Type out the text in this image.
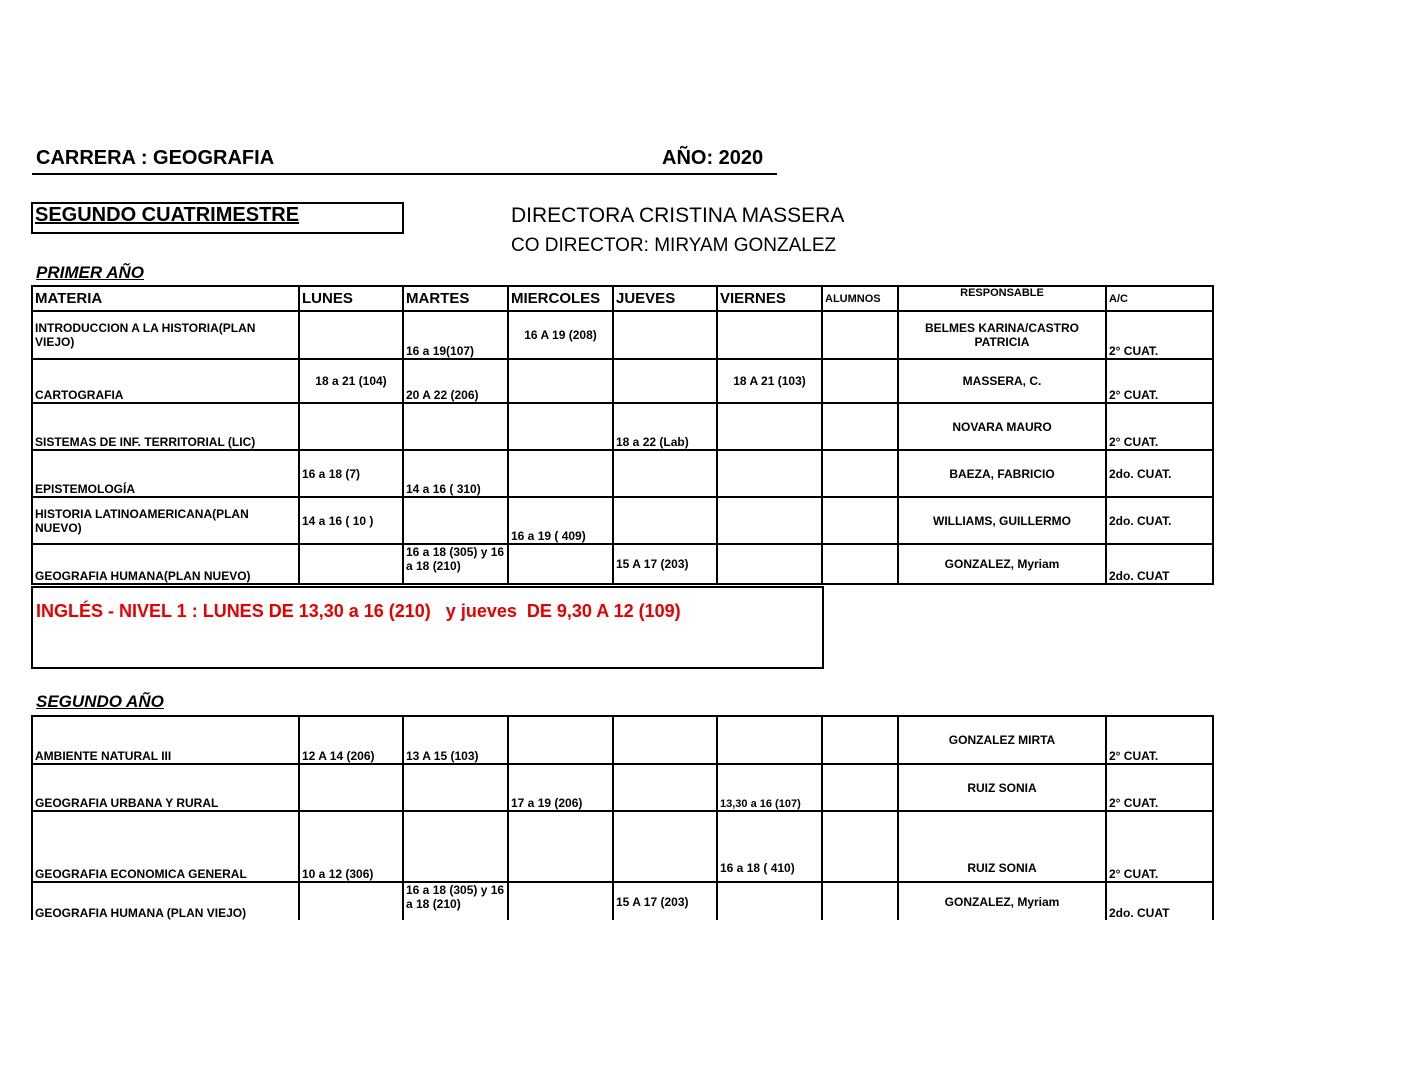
CARRERA : GEOGRAFIA	AÑO: 2020
SEGUNDO CUATRIMESTRE	DIRECTORA CRISTINA MASSERA
CO DIRECTOR: MIRYAM GONZALEZ
PRIMER AÑO
MATERIA	LUNES	MARTES	MIERCOLES	JUEVES	VIERNES	ALUMNOS	RESPONSABLE	A/C
INTRODUCCION A LA HISTORIA(PLAN VIEJO)		16 a 19(107)	16 A 19 (208)				BELMES KARINA/CASTRO PATRICIA	2° CUAT.
CARTOGRAFIA	18 a 21 (104)	20 A 22 (206)			18 A 21 (103)		MASSERA, C.	2° CUAT.
SISTEMAS DE INF. TERRITORIAL (LIC)				18 a 22 (Lab)			NOVARA MAURO	2° CUAT.
EPISTEMOLOGÍA	16 a 18 (7)	14 a 16 ( 310)					BAEZA, FABRICIO	2do. CUAT.
HISTORIA LATINOAMERICANA(PLAN NUEVO)	14 a 16 ( 10 )		16 a 19 ( 409)				WILLIAMS, GUILLERMO	2do. CUAT.
GEOGRAFIA HUMANA(PLAN NUEVO)		16 a 18 (305) y 16 a 18 (210)		15 A 17 (203)			GONZALEZ, Myriam	2do. CUAT
INGLÉS - NIVEL 1 : LUNES DE 13,30 a 16 (210)   y jueves  DE 9,30 A 12 (109)
SEGUNDO AÑO
AMBIENTE NATURAL III	12 A 14 (206)	13 A 15 (103)					GONZALEZ MIRTA	2° CUAT.
GEOGRAFIA URBANA Y RURAL			17 a 19 (206)		13,30 a 16 (107)		RUIZ SONIA	2° CUAT.
GEOGRAFIA ECONOMICA GENERAL	10 a 12 (306)				16 a 18 ( 410)		RUIZ SONIA	2° CUAT.
GEOGRAFIA HUMANA (PLAN VIEJO)		16 a 18 (305) y 16 a 18 (210)		15 A 17 (203)			GONZALEZ, Myriam	2do. CUAT
